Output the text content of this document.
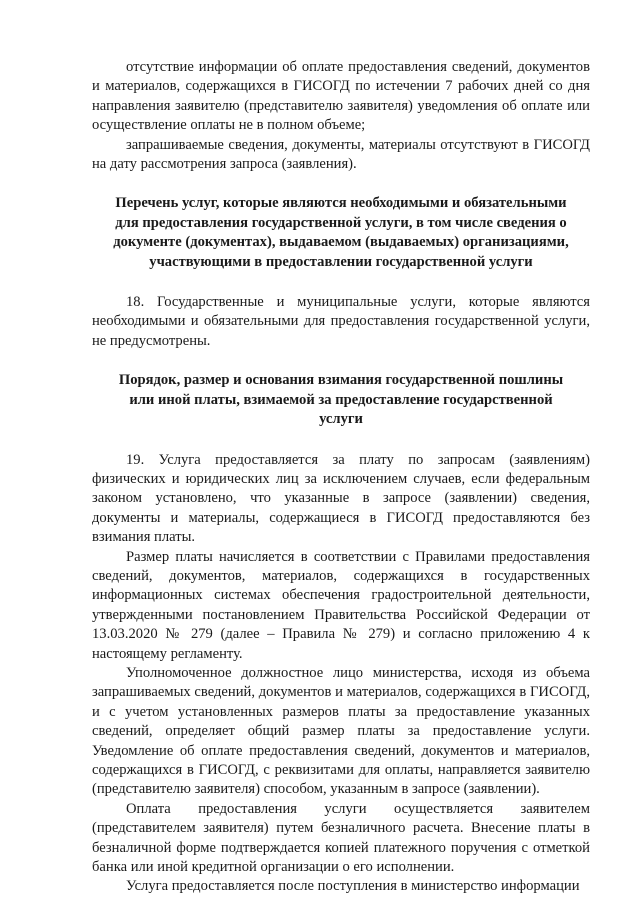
отсутствие информации об оплате предоставления сведений, документов и материалов, содержащихся в ГИСОГД по истечении 7 рабочих дней со дня направления заявителю (представителю заявителя) уведомления об оплате или осуществление оплаты не в полном объеме;

запрашиваемые сведения, документы, материалы отсутствуют в ГИСОГД на дату рассмотрения запроса (заявления).

Перечень услуг, которые являются необходимыми и обязательными для предоставления государственной услуги, в том числе сведения о документе (документах), выдаваемом (выдаваемых) организациями, участвующими в предоставлении государственной услуги

18. Государственные и муниципальные услуги, которые являются необходимыми и обязательными для предоставления государственной услуги, не предусмотрены.

Порядок, размер и основания взимания государственной пошлины или иной платы, взимаемой за предоставление государственной услуги

19. Услуга предоставляется за плату по запросам (заявлениям) физических и юридических лиц за исключением случаев, если федеральным законом установлено, что указанные в запросе (заявлении) сведения, документы и материалы, содержащиеся в ГИСОГД предоставляются без взимания платы.

Размер платы начисляется в соответствии с Правилами предоставления сведений, документов, материалов, содержащихся в государственных информационных системах обеспечения градостроительной деятельности, утвержденными постановлением Правительства Российской Федерации от 13.03.2020 № 279 (далее – Правила № 279) и согласно приложению 4 к настоящему регламенту.

Уполномоченное должностное лицо министерства, исходя из объема запрашиваемых сведений, документов и материалов, содержащихся в ГИСОГД, и с учетом установленных размеров платы за предоставление указанных сведений, определяет общий размер платы за предоставление услуги. Уведомление об оплате предоставления сведений, документов и материалов, содержащихся в ГИСОГД, с реквизитами для оплаты, направляется заявителю (представителю заявителя) способом, указанным в запросе (заявлении).

Оплата предоставления услуги осуществляется заявителем (представителем заявителя) путем безналичного расчета. Внесение платы в безналичной форме подтверждается копией платежного поручения с отметкой банка или иной кредитной организации о его исполнении.

Услуга предоставляется после поступления в министерство информации
